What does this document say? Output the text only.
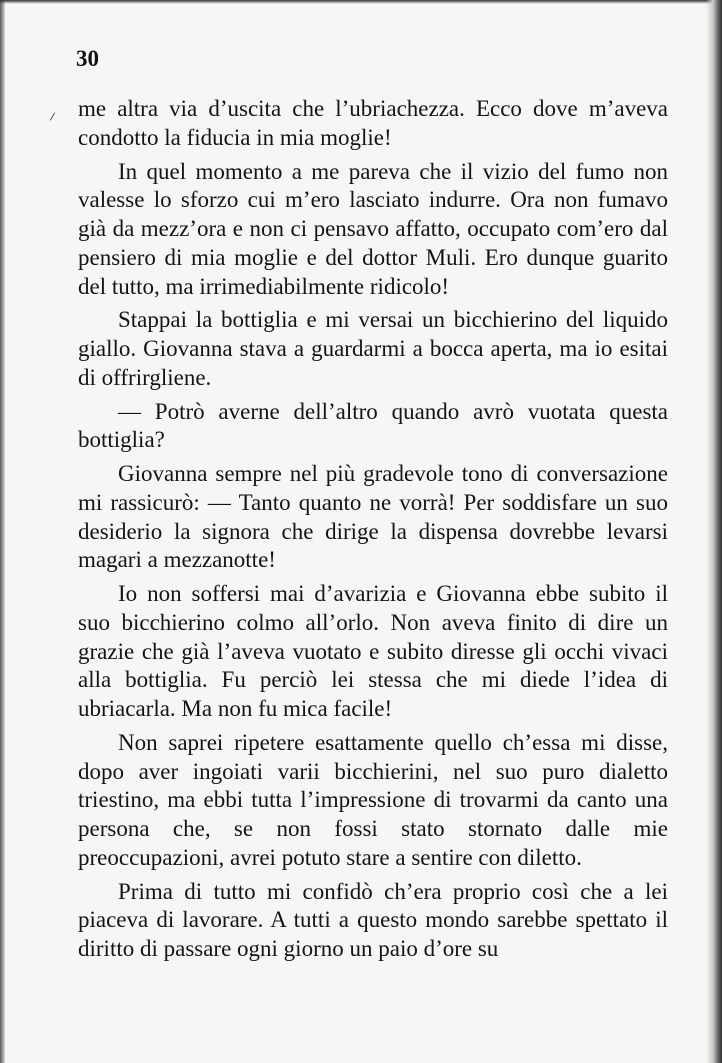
30

me altra via d’uscita che l’ubriachezza. Ecco dove m’aveva condotto la fiducia in mia moglie!

In quel momento a me pareva che il vizio del fumo non valesse lo sforzo cui m’ero lasciato indurre. Ora non fumavo già da mezz’ora e non ci pensavo affatto, occupato com’ero dal pensiero di mia moglie e del dottor Muli. Ero dunque guarito del tutto, ma irrimediabilmente ridicolo!

Stappai la bottiglia e mi versai un bicchierino del liquido giallo. Giovanna stava a guardarmi a bocca aperta, ma io esitai di offrirgliene.

— Potrò averne dell’altro quando avrò vuotata questa bottiglia?

Giovanna sempre nel più gradevole tono di conversazione mi rassicurò: — Tanto quanto ne vorrà! Per soddisfare un suo desiderio la signora che dirige la dispensa dovrebbe levarsi magari a mezzanotte!

Io non soffersi mai d’avarizia e Giovanna ebbe subito il suo bicchierino colmo all’orlo. Non aveva finito di dire un grazie che già l’aveva vuotato e subito diresse gli occhi vivaci alla bottiglia. Fu perciò lei stessa che mi diede l’idea di ubriacarla. Ma non fu mica facile!

Non saprei ripetere esattamente quello ch’essa mi disse, dopo aver ingoiati varii bicchierini, nel suo puro dialetto triestino, ma ebbi tutta l’impressione di trovarmi da canto una persona che, se non fossi stato stornato dalle mie preoccupazioni, avrei potuto stare a sentire con diletto.

Prima di tutto mi confidò ch’era proprio così che a lei piaceva di lavorare. A tutti a questo mondo sarebbe spettato il diritto di passare ogni giorno un paio d’ore su
